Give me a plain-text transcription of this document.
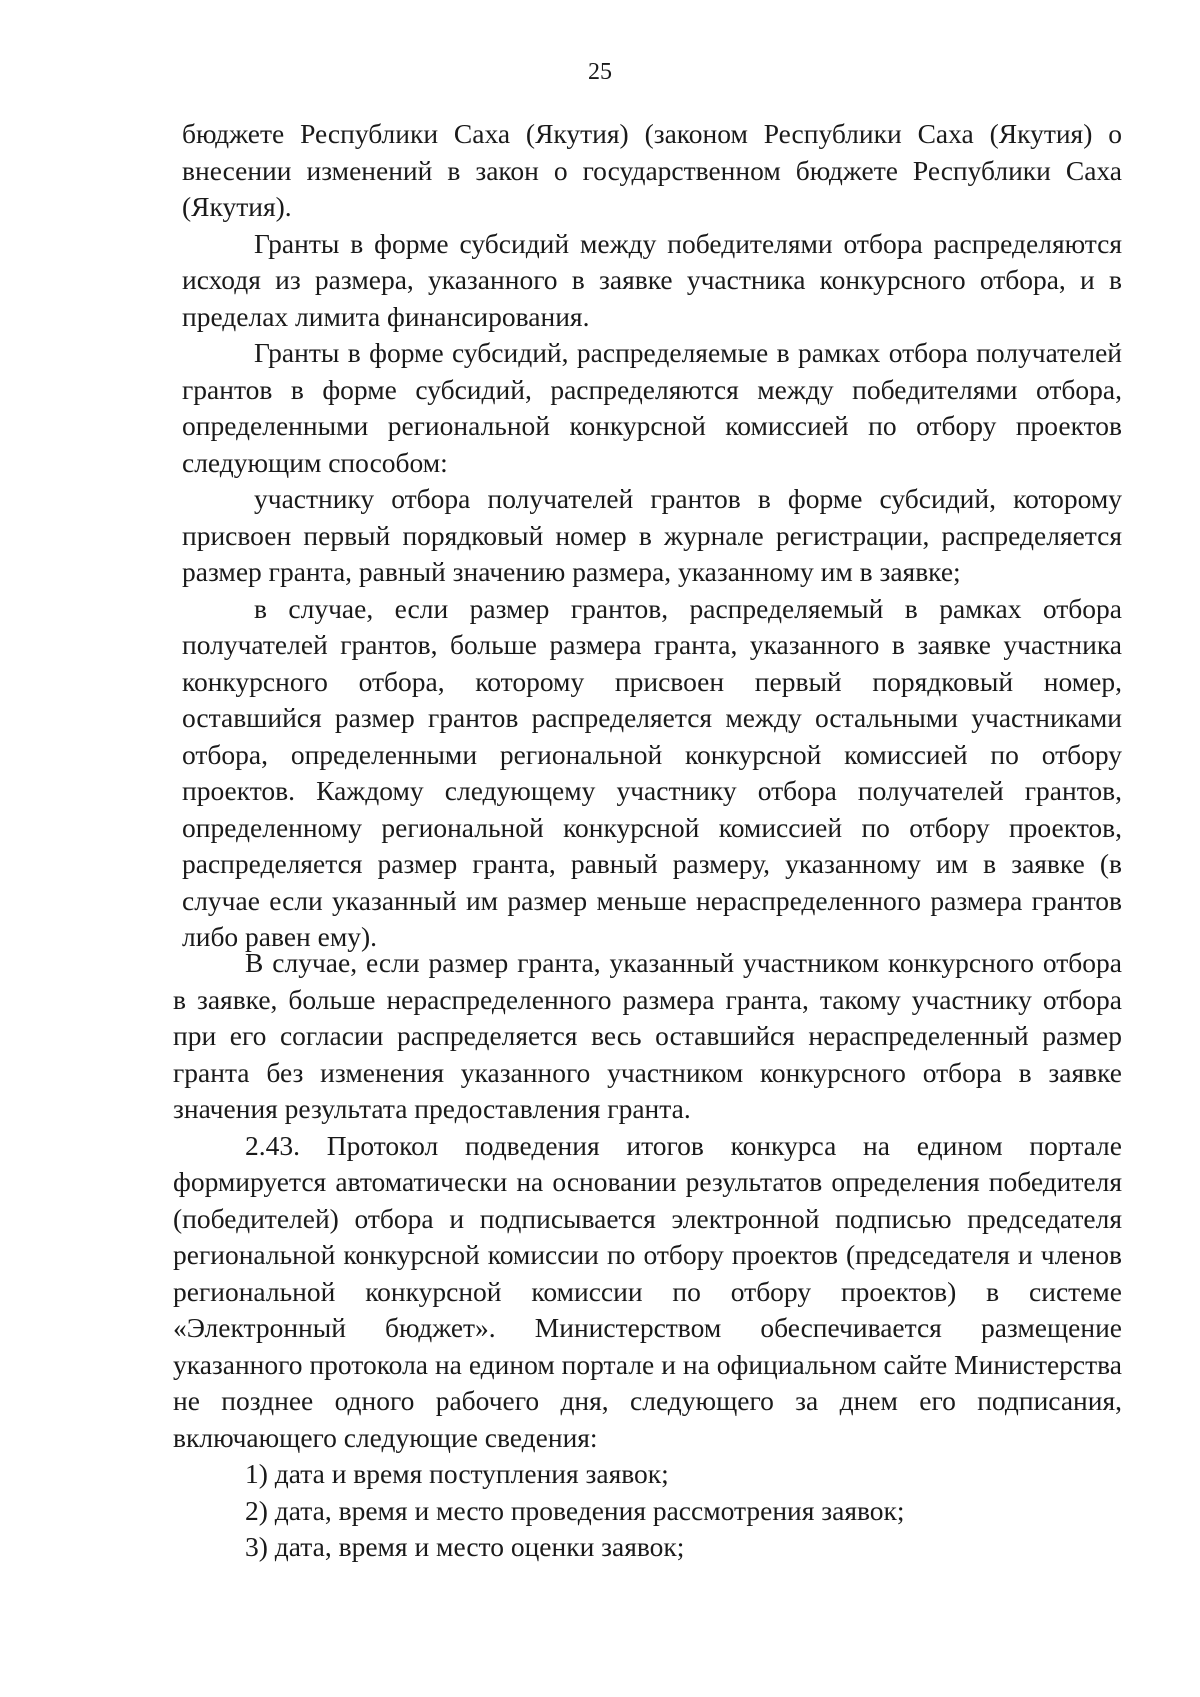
25

бюджете Республики Саха (Якутия) (законом Республики Саха (Якутия) о внесении изменений в закон о государственном бюджете Республики Саха (Якутия).

Гранты в форме субсидий между победителями отбора распределяются исходя из размера, указанного в заявке участника конкурсного отбора, и в пределах лимита финансирования.

Гранты в форме субсидий, распределяемые в рамках отбора получателей грантов в форме субсидий, распределяются между победителями отбора, определенными региональной конкурсной комиссией по отбору проектов следующим способом:

участнику отбора получателей грантов в форме субсидий, которому присвоен первый порядковый номер в журнале регистрации, распределяется размер гранта, равный значению размера, указанному им в заявке;

в случае, если размер грантов, распределяемый в рамках отбора получателей грантов, больше размера гранта, указанного в заявке участника конкурсного отбора, которому присвоен первый порядковый номер, оставшийся размер грантов распределяется между остальными участниками отбора, определенными региональной конкурсной комиссией по отбору проектов. Каждому следующему участнику отбора получателей грантов, определенному региональной конкурсной комиссией по отбору проектов, распределяется размер гранта, равный размеру, указанному им в заявке (в случае если указанный им размер меньше нераспределенного размера грантов либо равен ему).

В случае, если размер гранта, указанный участником конкурсного отбора в заявке, больше нераспределенного размера гранта, такому участнику отбора при его согласии распределяется весь оставшийся нераспределенный размер гранта без изменения указанного участником конкурсного отбора в заявке значения результата предоставления гранта.

2.43. Протокол подведения итогов конкурса на едином портале формируется автоматически на основании результатов определения победителя (победителей) отбора и подписывается электронной подписью председателя региональной конкурсной комиссии по отбору проектов (председателя и членов региональной конкурсной комиссии по отбору проектов) в системе «Электронный бюджет». Министерством обеспечивается размещение указанного протокола на едином портале и на официальном сайте Министерства не позднее одного рабочего дня, следующего за днем его подписания, включающего следующие сведения:

1) дата и время поступления заявок;

2) дата, время и место проведения рассмотрения заявок;

3) дата, время и место оценки заявок;
